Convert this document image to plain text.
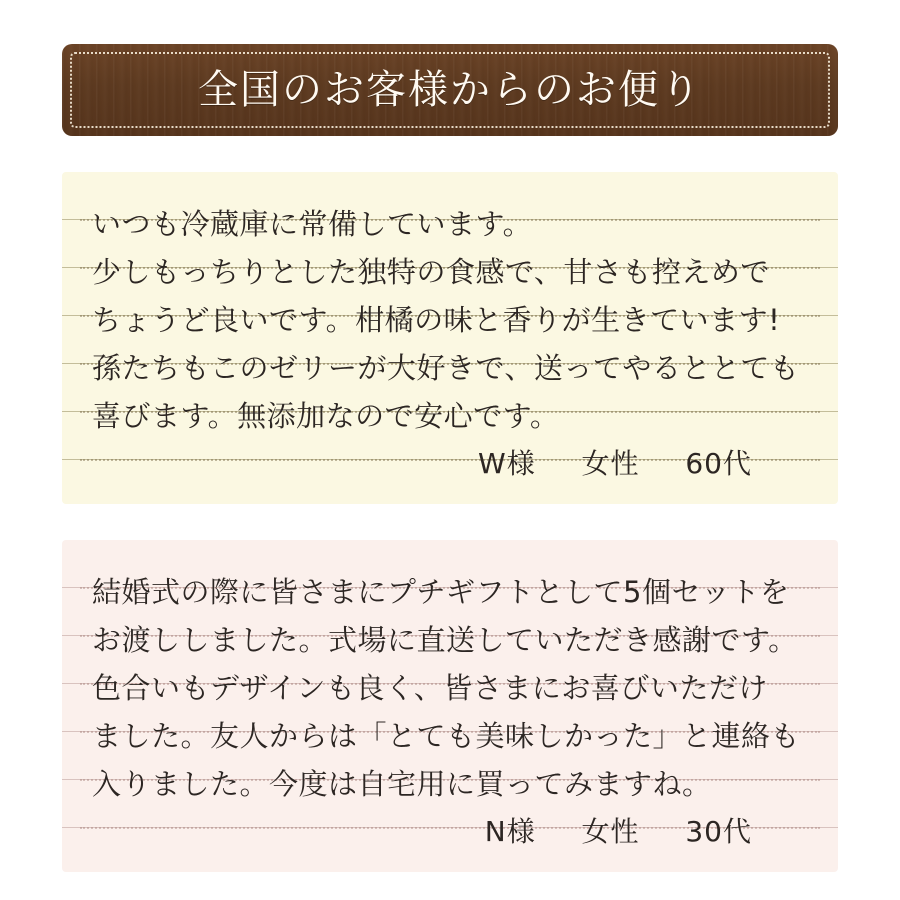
全国のお客様からのお便り
いつも冷蔵庫に常備しています。
少しもっちりとした独特の食感で、甘さも控えめで
ちょうど良いです。柑橘の味と香りが生きています!
孫たちもこのゼリーが大好きで、送ってやるととても
喜びます。無添加なので安心です。
W様 女性 60代
結婚式の際に皆さまにプチギフトとして5個セットを
お渡ししました。式場に直送していただき感謝です。
色合いもデザインも良く、皆さまにお喜びいただけ
ました。友人からは「とても美味しかった」と連絡も
入りました。今度は自宅用に買ってみますね。
N様 女性 30代
